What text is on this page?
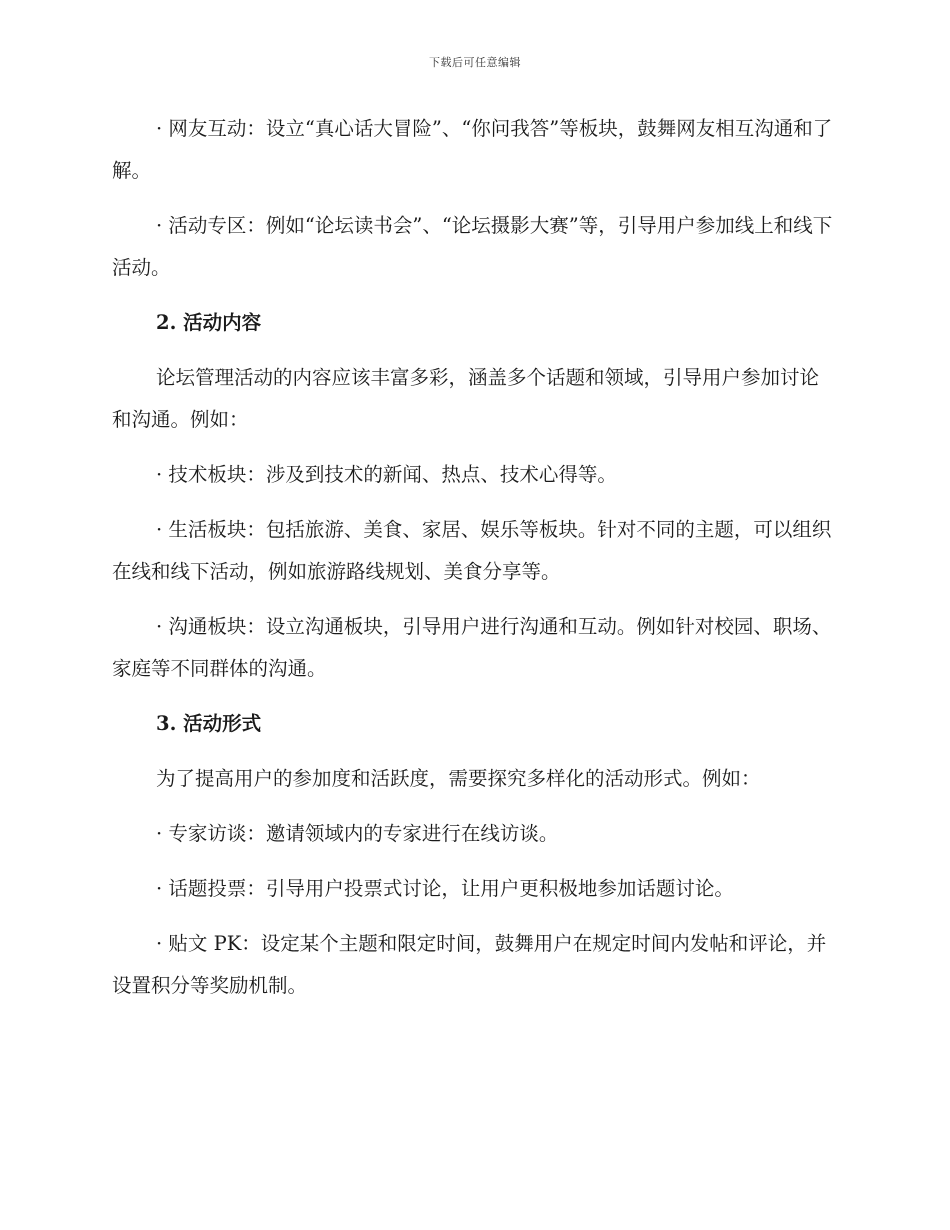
下载后可任意编辑

· 网友互动：设立“真心话大冒险”、“你问我答”等板块，鼓舞网友相互沟通和了解。

· 活动专区：例如“论坛读书会”、“论坛摄影大赛”等，引导用户参加线上和线下活动。

2. 活动内容

论坛管理活动的内容应该丰富多彩，涵盖多个话题和领域，引导用户参加讨论和沟通。例如：

· 技术板块：涉及到技术的新闻、热点、技术心得等。

· 生活板块：包括旅游、美食、家居、娱乐等板块。针对不同的主题，可以组织在线和线下活动，例如旅游路线规划、美食分享等。

· 沟通板块：设立沟通板块，引导用户进行沟通和互动。例如针对校园、职场、家庭等不同群体的沟通。

3. 活动形式

为了提高用户的参加度和活跃度，需要探究多样化的活动形式。例如：

· 专家访谈：邀请领域内的专家进行在线访谈。

· 话题投票：引导用户投票式讨论，让用户更积极地参加话题讨论。

· 贴文 PK：设定某个主题和限定时间，鼓舞用户在规定时间内发帖和评论，并设置积分等奖励机制。
